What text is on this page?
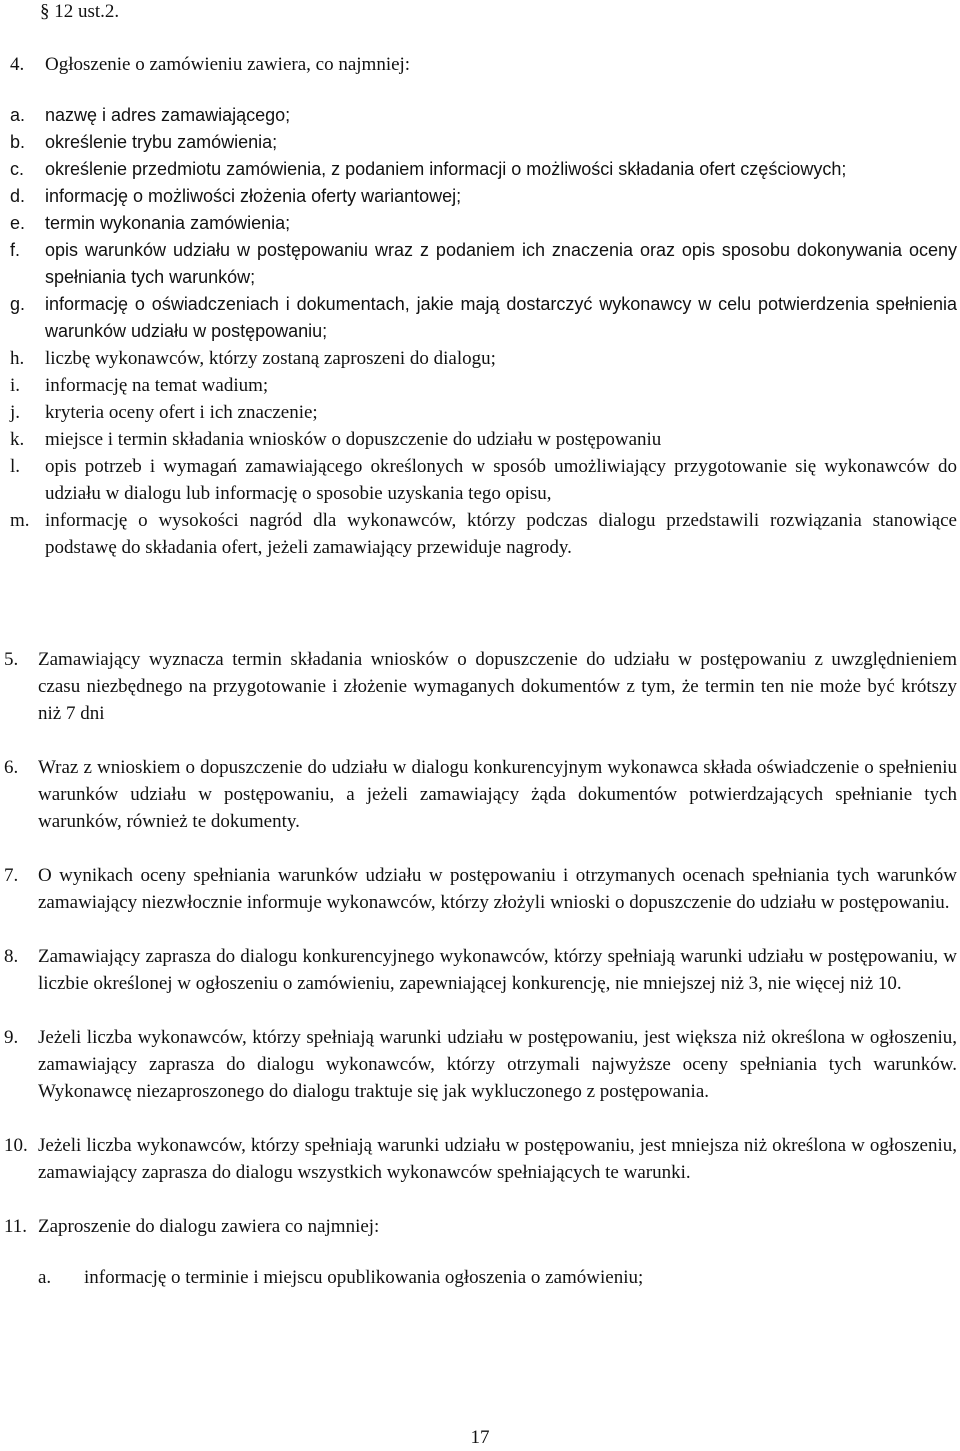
§ 12 ust.2.
4. Ogłoszenie o zamówieniu zawiera, co najmniej:
a. nazwę i adres zamawiającego;
b. określenie trybu zamówienia;
c. określenie przedmiotu zamówienia, z podaniem informacji o możliwości składania ofert częściowych;
d. informację o możliwości złożenia oferty wariantowej;
e. termin wykonania zamówienia;
f. opis warunków udziału w postępowaniu wraz z podaniem ich znaczenia oraz opis sposobu dokonywania oceny spełniania tych warunków;
g. informację o oświadczeniach i dokumentach, jakie mają dostarczyć wykonawcy w celu potwierdzenia spełnienia warunków udziału w postępowaniu;
h. liczbę wykonawców, którzy zostaną zaproszeni do dialogu;
i. informację na temat wadium;
j. kryteria oceny ofert i ich znaczenie;
k. miejsce i termin składania wniosków o dopuszczenie do udziału w postępowaniu
l. opis potrzeb i wymagań zamawiającego określonych w sposób umożliwiający przygotowanie się wykonawców do udziału w dialogu lub informację o sposobie uzyskania tego opisu,
m. informację o wysokości nagród dla wykonawców, którzy podczas dialogu przedstawili rozwiązania stanowiące podstawę do składania ofert, jeżeli zamawiający przewiduje nagrody.
5. Zamawiający wyznacza termin składania wniosków o dopuszczenie do udziału w postępowaniu z uwzględnieniem czasu niezbędnego na przygotowanie i złożenie wymaganych dokumentów z tym, że termin ten nie może być krótszy niż 7 dni
6. Wraz z wnioskiem o dopuszczenie do udziału w dialogu konkurencyjnym wykonawca składa oświadczenie o spełnieniu warunków udziału w postępowaniu, a jeżeli zamawiający żąda dokumentów potwierdzających spełnianie tych warunków, również te dokumenty.
7. O wynikach oceny spełniania warunków udziału w postępowaniu i otrzymanych ocenach spełniania tych warunków zamawiający niezwłocznie informuje wykonawców, którzy złożyli wnioski o dopuszczenie do udziału w postępowaniu.
8. Zamawiający zaprasza do dialogu konkurencyjnego wykonawców, którzy spełniają warunki udziału w postępowaniu, w liczbie określonej w ogłoszeniu o zamówieniu, zapewniającej konkurencję, nie mniejszej niż 3, nie więcej niż 10.
9. Jeżeli liczba wykonawców, którzy spełniają warunki udziału w postępowaniu, jest większa niż określona w ogłoszeniu, zamawiający zaprasza do dialogu wykonawców, którzy otrzymali najwyższe oceny spełniania tych warunków. Wykonawcę niezaproszonego do dialogu traktuje się jak wykluczonego z postępowania.
10. Jeżeli liczba wykonawców, którzy spełniają warunki udziału w postępowaniu, jest mniejsza niż określona w ogłoszeniu, zamawiający zaprasza do dialogu wszystkich wykonawców spełniających te warunki.
11. Zaproszenie do dialogu zawiera co najmniej:
a. informację o terminie i miejscu opublikowania ogłoszenia o zamówieniu;
17
